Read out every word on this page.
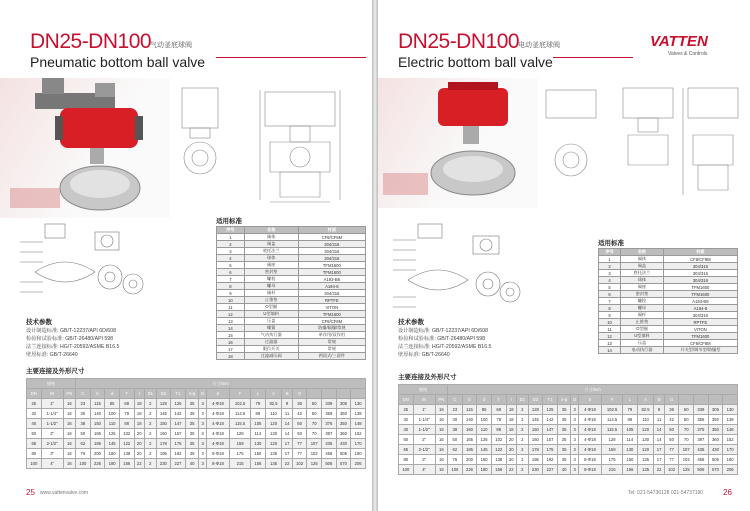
DN25-DN100
气动釜底球阀
Pneumatic bottom ball valve
适用标准
序号	名称	材质
1	阀体	CF8/CF8M
2	阀盖	304/316
3	底托法兰	304/316
4	球体	304/316
5	阀座	TFM1600
6	密封垫	TFM1600
7	螺栓	A193-B8
8	螺母	A194-8
9	阀杆	304/316
10	止推垫	RPTFE
11	O型圈	VITON
12	U型填料	TFM1600
13	压盖	CF8/CF8M
14	蝶簧	防爆/隔爆/常规
15	气动执行器	单作用/双作用
16	过滤器	常规
17	限位开关	常规
18	过滤减压阀	两留式/三留件
技术参数
设计制造标准: GB/T-12237/API 6D/608
检验和试验标准: GB/T-26480/API 598
法兰连接标准: HG/T-20592/ASME B16.5
壁厚标准: GB/T-26640
主要连接及外形尺寸
规格			尺寸/mm																			
DN	IN	PN	C	b	d	T	I	D1	D2	T1	n-φ	D	S	F	L	A	B	G				
25	1"	16	23	115	85	68	18	2	128	125	35	3	4-Φ18	102.5	79	82.5	9	36	50	339	305	130
32	1-1/4"	16	30	140	100	78	18	2	145	142	35	3	4-Φ18	114.5	89	110	11	42	50	359	350	139
40	1-1/2"	16	38	150	110	88	18	2	150	147	35	3	4-Φ18	115.5	105	120	14	50	70	375	350	148
50	2"	16	50	165	125	102	20	2	160	157	35	3	4-Φ18	128	114	130	14	50	70	397	360	152
65	2-1/2"	16	62	185	145	122	20	2	178	175	35	3	4-Φ18	159	130	120	17	77	107	435	430	170
80	3"	16	76	200	160	138	20	2	195	192	35	3	8-Φ18	175	150	135	17	77	102	458	505	180
100	4"	16	100	226	180	156	22	2	230	227	40	3	8-Φ18	215	156	135	22	102	125	506	570	206
25 www.vattenvalve.com
DN25-DN100
电动釜底球阀
Electric bottom ball valve
VATTEN
Valves & Controls
适用标准
序号	名称	材质
1	阀体	CF8/CF8M
2	阀盖	304/316
3	底托法兰	304/316
4	球体	304/316
5	阀座	TFM1600
6	密封垫	TFM1600
7	螺栓	A193-B8
8	螺母	A194-8
9	阀杆	304/316
10	止推垫	RPTFE
11	O型圈	VITON
12	U型填料	TFM1600
13	压盖	CF8/CF8M
14	电动执行器	开关型/调节型/防爆型
技术参数
设计制造标准: GB/T-12237/API 6D/608
检验和试验标准: GB/T-26480/API 598
法兰连接标准: HG/T-20592/ASME B16.5
壁厚标准: GB/T-26640
主要连接及外形尺寸
规格			尺寸/mm																			
DN	IN	PN	C	b	d	T	I	D1	D2	T1	n-φ	D	S	F	L	A	B	G				
25	1"	16	23	115	85	68	18	2	128	125	35	3	4-Φ18	102.5	79	82.5	9	36	50	339	305	130
32	1-1/4"	16	30	140	100	78	18	2	145	142	35	3	4-Φ18	114.5	89	110	11	42	50	359	350	139
40	1-1/2"	16	38	150	110	88	18	2	150	147	35	3	4-Φ18	115.5	105	120	14	50	70	375	350	148
50	2"	16	50	165	125	102	20	2	160	157	35	3	4-Φ18	128	114	130	14	50	70	397	360	152
65	2-1/2"	16	62	185	145	122	20	2	178	175	35	3	4-Φ18	159	130	120	17	77	107	435	430	170
80	3"	16	76	200	160	138	20	2	195	192	35	3	8-Φ18	175	150	135	17	77	102	458	505	180
100	4"	16	100	226	180	156	22	2	230	227	40	3	8-Φ18	215	156	135	22	102	125	506	570	206
Tel: 021-54736128 021-54737190 26
